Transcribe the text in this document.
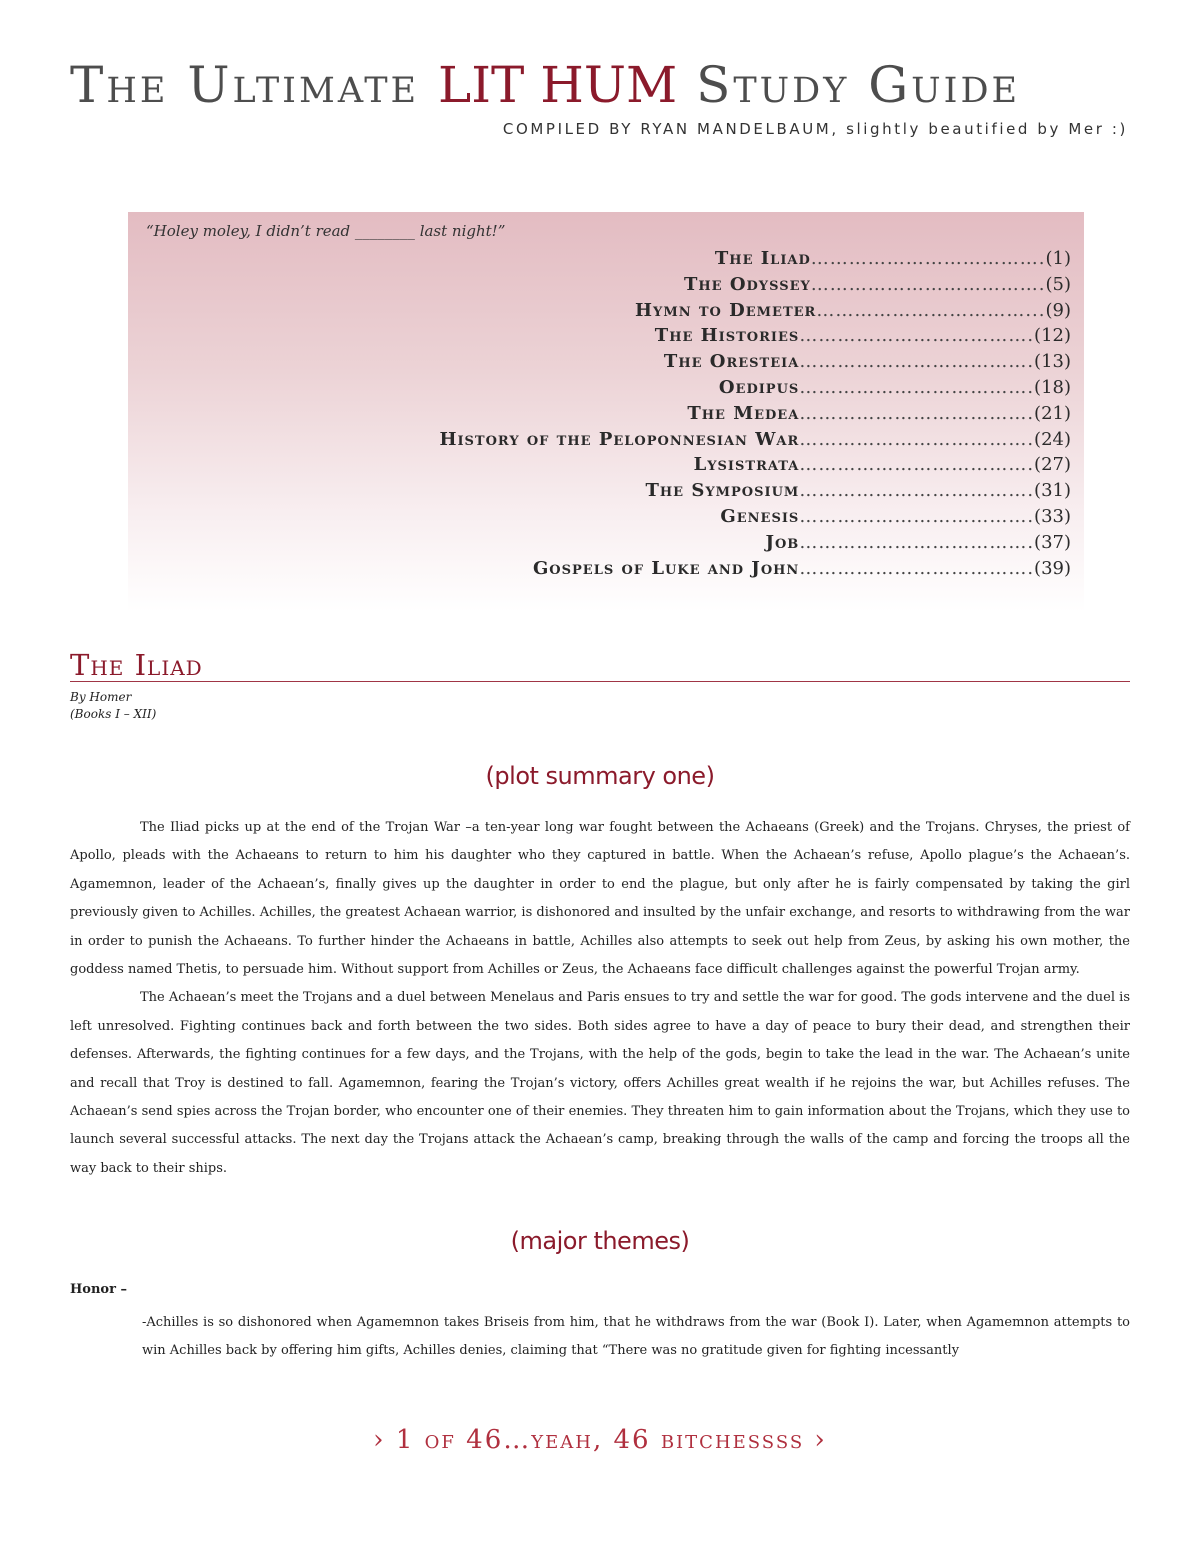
The Ultimate LIT HUM Study Guide
COMPILED BY RYAN MANDELBAUM, slightly beautified by Mer :)
“Holey moley, I didn’t read ________ last night!”
The Iliad……………………………….(1)
The Odyssey……………………………….(5)
Hymn to Demeter……………………………...(9)
The Histories……………………………….(12)
The Oresteia……………………………….(13)
Oedipus……………………………….(18)
The Medea……………………………….(21)
History of the Peloponnesian War……………………………….(24)
Lysistrata……………………………….(27)
The Symposium……………………………….(31)
Genesis……………………………….(33)
Job……………………………….(37)
Gospels of Luke and John……………………………….(39)
The Iliad
By Homer
(Books I – XII)
(plot summary one)

The Iliad picks up at the end of the Trojan War –a ten-year long war fought between the Achaeans (Greek) and the Trojans. Chryses, the priest of Apollo, pleads with the Achaeans to return to him his daughter who they captured in battle. When the Achaean’s refuse, Apollo plague’s the Achaean’s. Agamemnon, leader of the Achaean’s, finally gives up the daughter in order to end the plague, but only after he is fairly compensated by taking the girl previously given to Achilles. Achilles, the greatest Achaean warrior, is dishonored and insulted by the unfair exchange, and resorts to withdrawing from the war in order to punish the Achaeans. To further hinder the Achaeans in battle, Achilles also attempts to seek out help from Zeus, by asking his own mother, the goddess named Thetis, to persuade him. Without support from Achilles or Zeus, the Achaeans face difficult challenges against the powerful Trojan army.

The Achaean’s meet the Trojans and a duel between Menelaus and Paris ensues to try and settle the war for good. The gods intervene and the duel is left unresolved. Fighting continues back and forth between the two sides. Both sides agree to have a day of peace to bury their dead, and strengthen their defenses. Afterwards, the fighting continues for a few days, and the Trojans, with the help of the gods, begin to take the lead in the war. The Achaean’s unite and recall that Troy is destined to fall. Agamemnon, fearing the Trojan’s victory, offers Achilles great wealth if he rejoins the war, but Achilles refuses. The Achaean’s send spies across the Trojan border, who encounter one of their enemies. They threaten him to gain information about the Trojans, which they use to launch several successful attacks. The next day the Trojans attack the Achaean’s camp, breaking through the walls of the camp and forcing the troops all the way back to their ships.

(major themes)
Honor –

-Achilles is so dishonored when Agamemnon takes Briseis from him, that he withdraws from the war (Book I). Later, when Agamemnon attempts to win Achilles back by offering him gifts, Achilles denies, claiming that “There was no gratitude given for fighting incessantly

› 1 of 46…yeah, 46 bitchessss ›
